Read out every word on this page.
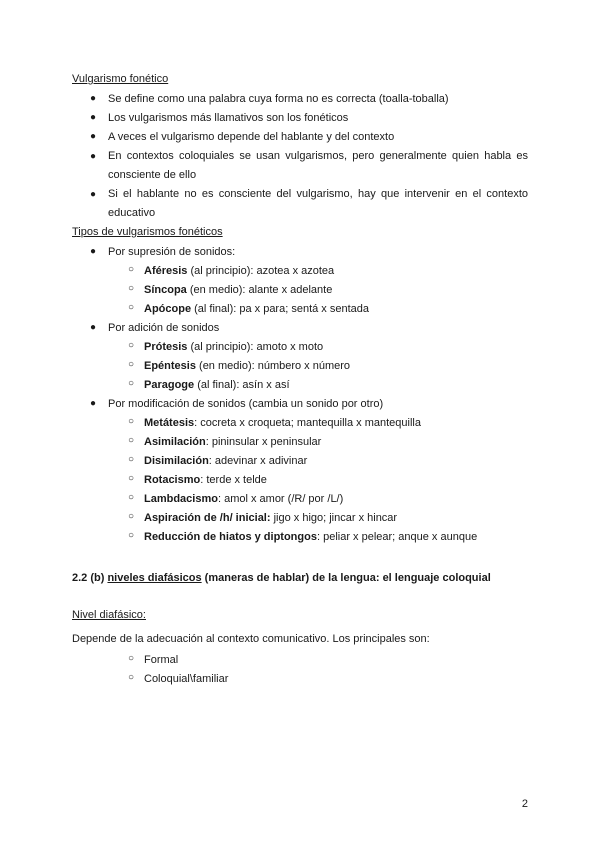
Vulgarismo fonético
● Se define como una palabra cuya forma no es correcta (toalla-toballa)
● Los vulgarismos más llamativos son los fonéticos
● A veces el vulgarismo depende del hablante y del contexto
● En contextos coloquiales se usan vulgarismos, pero generalmente quien habla es consciente de ello
● Si el hablante no es consciente del vulgarismo, hay que intervenir en el contexto educativo
Tipos de vulgarismos fonéticos
● Por supresión de sonidos:
○ Aféresis (al principio): azotea x azotea
○ Síncopa (en medio): alante x adelante
○ Apócope (al final): pa x para; sentá x sentada
● Por adición de sonidos
○ Prótesis (al principio): amoto x moto
○ Epéntesis (en medio): númbero x número
○ Paragoge (al final): asín x así
● Por modificación de sonidos (cambia un sonido por otro)
○ Metátesis: cocreta x croqueta; mantequilla x mantequilla
○ Asimilación: pininsular x peninsular
○ Disimilación: adevinar x adivinar
○ Rotacismo: terde x telde
○ Lambdacismo: amol x amor (/R/ por /L/)
○ Aspiración de /h/ inicial: jigo x higo; jincar x hincar
○ Reducción de hiatos y diptongos: peliar x pelear; anque x aunque
2.2 (b) niveles diafásicos (maneras de hablar) de la lengua: el lenguaje coloquial
Nivel diafásico:
Depende de la adecuación al contexto comunicativo. Los principales son:
○ Formal
○ Coloquial\familiar
2
